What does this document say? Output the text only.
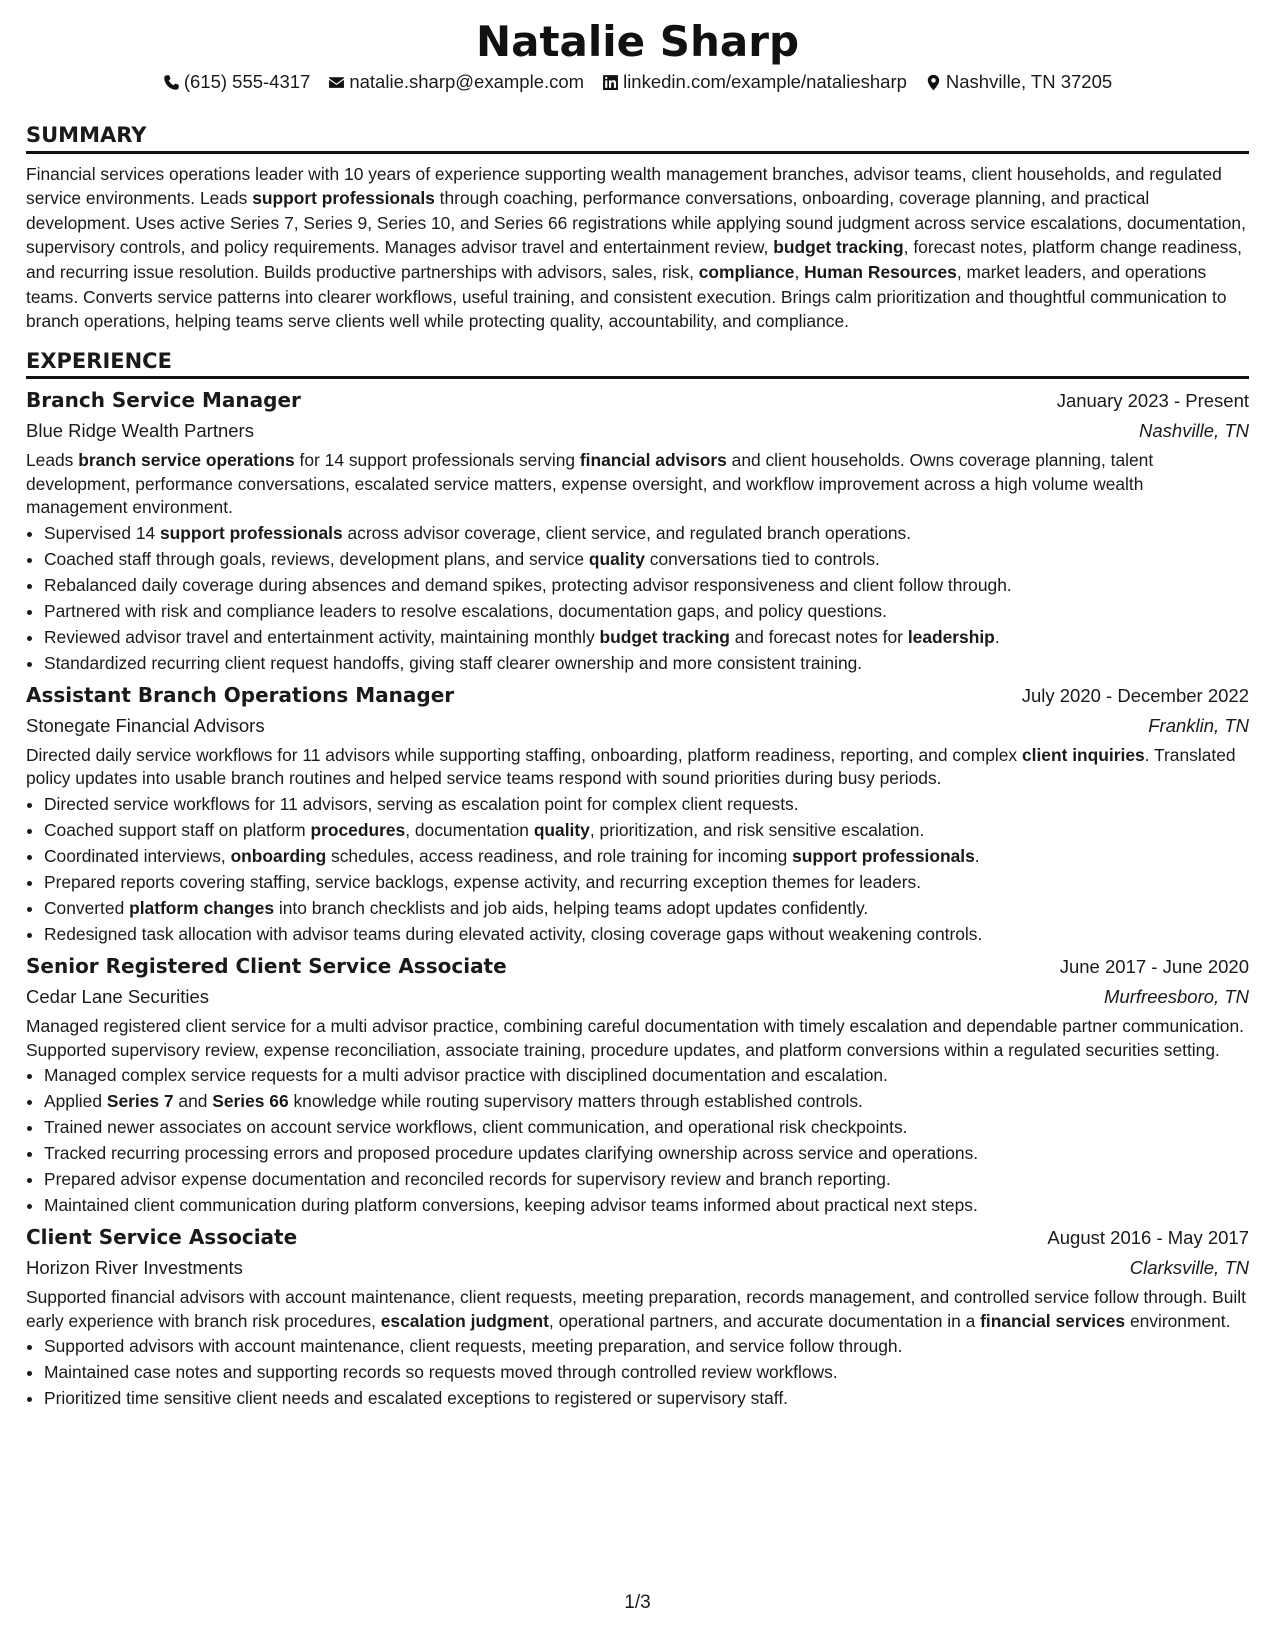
Natalie Sharp
(615) 555-4317 natalie.sharp@example.com linkedin.com/example/nataliesharp Nashville, TN 37205
SUMMARY
Financial services operations leader with 10 years of experience supporting wealth management branches, advisor teams, client households, and regulated service environments. Leads support professionals through coaching, performance conversations, onboarding, coverage planning, and practical development. Uses active Series 7, Series 9, Series 10, and Series 66 registrations while applying sound judgment across service escalations, documentation, supervisory controls, and policy requirements. Manages advisor travel and entertainment review, budget tracking, forecast notes, platform change readiness, and recurring issue resolution. Builds productive partnerships with advisors, sales, risk, compliance, Human Resources, market leaders, and operations teams. Converts service patterns into clearer workflows, useful training, and consistent execution. Brings calm prioritization and thoughtful communication to branch operations, helping teams serve clients well while protecting quality, accountability, and compliance.
EXPERIENCE
Branch Service Manager	January 2023 - Present
Blue Ridge Wealth Partners	Nashville, TN
Leads branch service operations for 14 support professionals serving financial advisors and client households. Owns coverage planning, talent development, performance conversations, escalated service matters, expense oversight, and workflow improvement across a high volume wealth management environment.
• Supervised 14 support professionals across advisor coverage, client service, and regulated branch operations.
• Coached staff through goals, reviews, development plans, and service quality conversations tied to controls.
• Rebalanced daily coverage during absences and demand spikes, protecting advisor responsiveness and client follow through.
• Partnered with risk and compliance leaders to resolve escalations, documentation gaps, and policy questions.
• Reviewed advisor travel and entertainment activity, maintaining monthly budget tracking and forecast notes for leadership.
• Standardized recurring client request handoffs, giving staff clearer ownership and more consistent training.
Assistant Branch Operations Manager	July 2020 - December 2022
Stonegate Financial Advisors	Franklin, TN
Directed daily service workflows for 11 advisors while supporting staffing, onboarding, platform readiness, reporting, and complex client inquiries. Translated policy updates into usable branch routines and helped service teams respond with sound priorities during busy periods.
• Directed service workflows for 11 advisors, serving as escalation point for complex client requests.
• Coached support staff on platform procedures, documentation quality, prioritization, and risk sensitive escalation.
• Coordinated interviews, onboarding schedules, access readiness, and role training for incoming support professionals.
• Prepared reports covering staffing, service backlogs, expense activity, and recurring exception themes for leaders.
• Converted platform changes into branch checklists and job aids, helping teams adopt updates confidently.
• Redesigned task allocation with advisor teams during elevated activity, closing coverage gaps without weakening controls.
Senior Registered Client Service Associate	June 2017 - June 2020
Cedar Lane Securities	Murfreesboro, TN
Managed registered client service for a multi advisor practice, combining careful documentation with timely escalation and dependable partner communication. Supported supervisory review, expense reconciliation, associate training, procedure updates, and platform conversions within a regulated securities setting.
• Managed complex service requests for a multi advisor practice with disciplined documentation and escalation.
• Applied Series 7 and Series 66 knowledge while routing supervisory matters through established controls.
• Trained newer associates on account service workflows, client communication, and operational risk checkpoints.
• Tracked recurring processing errors and proposed procedure updates clarifying ownership across service and operations.
• Prepared advisor expense documentation and reconciled records for supervisory review and branch reporting.
• Maintained client communication during platform conversions, keeping advisor teams informed about practical next steps.
Client Service Associate	August 2016 - May 2017
Horizon River Investments	Clarksville, TN
Supported financial advisors with account maintenance, client requests, meeting preparation, records management, and controlled service follow through. Built early experience with branch risk procedures, escalation judgment, operational partners, and accurate documentation in a financial services environment.
• Supported advisors with account maintenance, client requests, meeting preparation, and service follow through.
• Maintained case notes and supporting records so requests moved through controlled review workflows.
• Prioritized time sensitive client needs and escalated exceptions to registered or supervisory staff.
1/3
